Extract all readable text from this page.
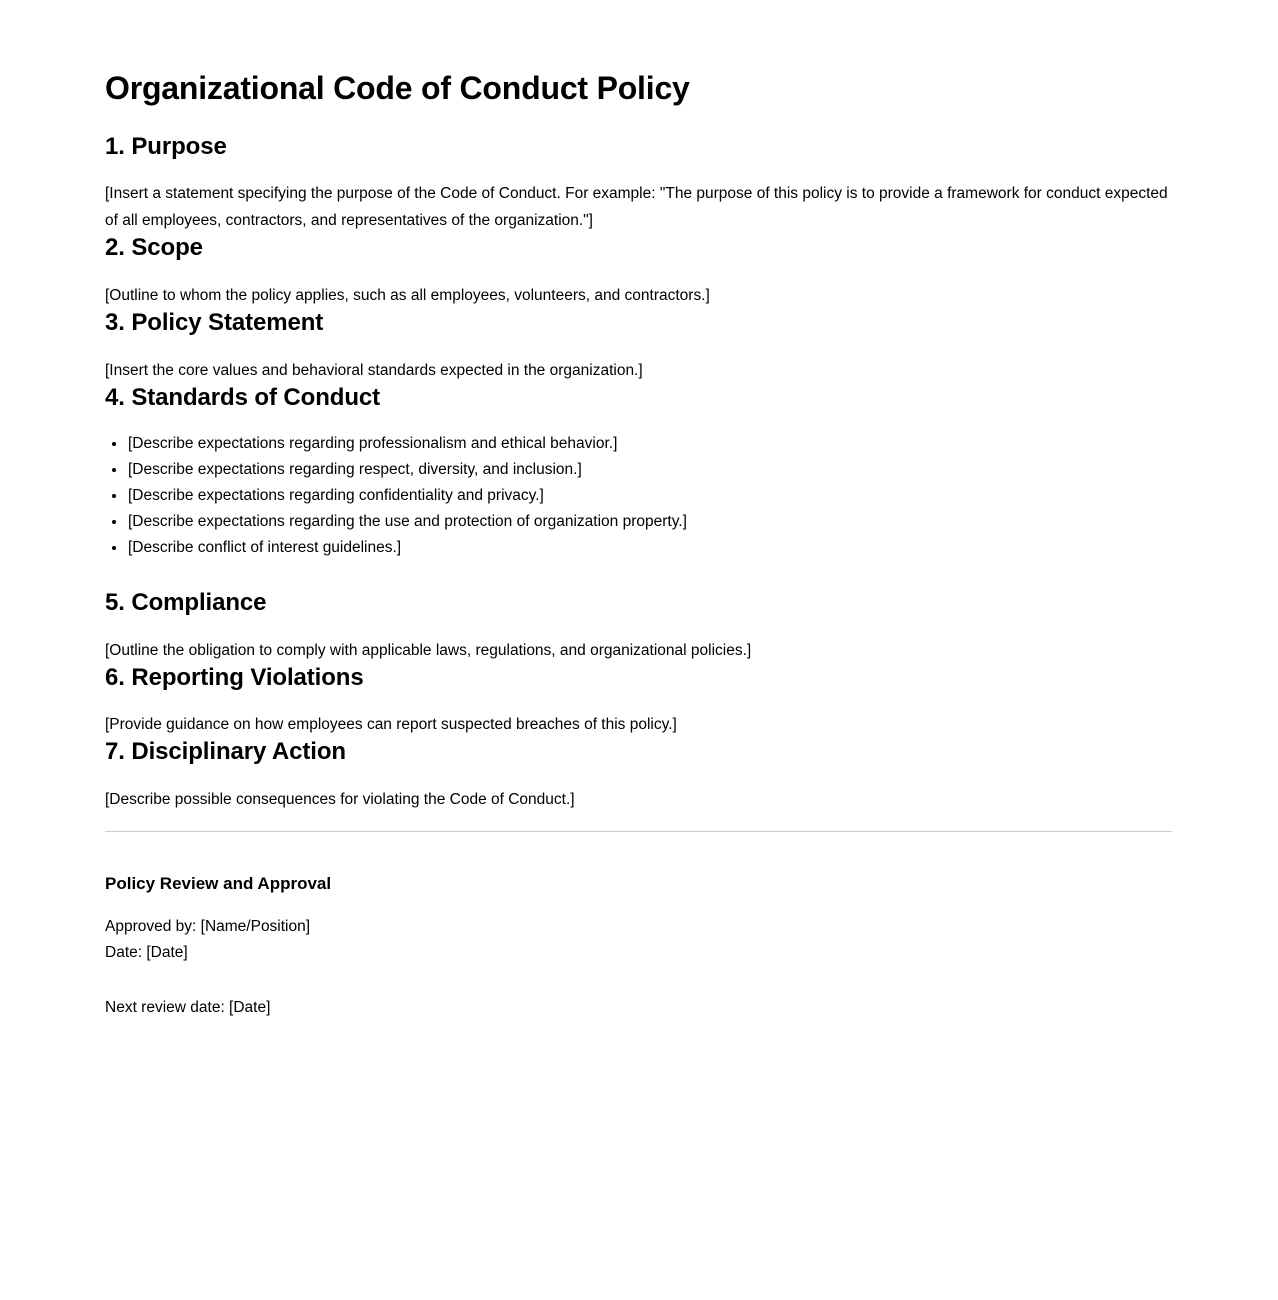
Organizational Code of Conduct Policy
1. Purpose

[Insert a statement specifying the purpose of the Code of Conduct. For example: "The purpose of this policy is to provide a framework for conduct expected of all employees, contractors, and representatives of the organization."]

2. Scope

[Outline to whom the policy applies, such as all employees, volunteers, and contractors.]

3. Policy Statement

[Insert the core values and behavioral standards expected in the organization.]

4. Standards of Conduct
[Describe expectations regarding professionalism and ethical behavior.]
[Describe expectations regarding respect, diversity, and inclusion.]
[Describe expectations regarding confidentiality and privacy.]
[Describe expectations regarding the use and protection of organization property.]
[Describe conflict of interest guidelines.]
5. Compliance

[Outline the obligation to comply with applicable laws, regulations, and organizational policies.]

6. Reporting Violations

[Provide guidance on how employees can report suspected breaches of this policy.]

7. Disciplinary Action

[Describe possible consequences for violating the Code of Conduct.]

Policy Review and Approval

Approved by: [Name/Position]
Date: [Date]

Next review date: [Date]
